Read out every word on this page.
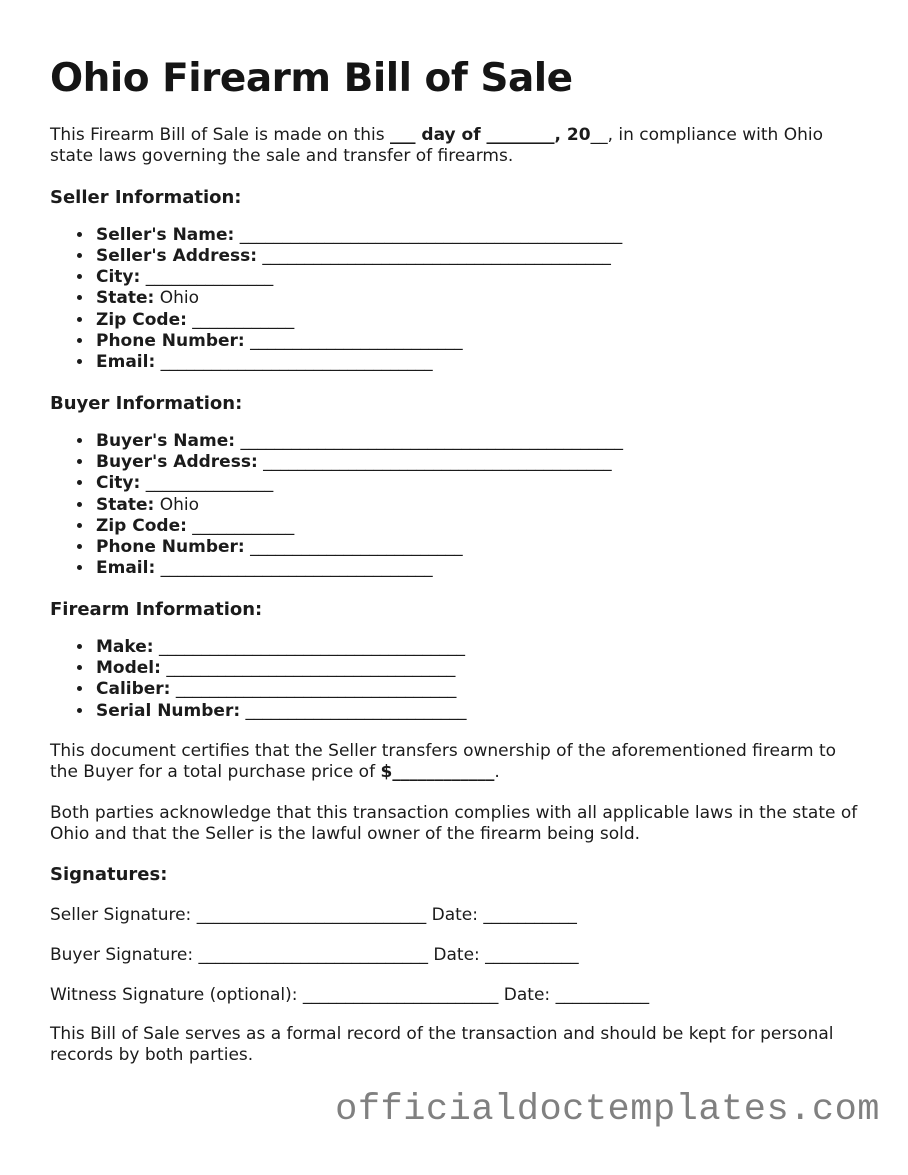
Ohio Firearm Bill of Sale

This Firearm Bill of Sale is made on this ___ day of ________, 20__, in compliance with Ohio state laws governing the sale and transfer of firearms.

Seller Information:
• Seller's Name: _____________________________________________
• Seller's Address: _________________________________________
• City: _______________
• State: Ohio
• Zip Code: ____________
• Phone Number: _________________________
• Email: ________________________________
Buyer Information:
• Buyer's Name: _____________________________________________
• Buyer's Address: _________________________________________
• City: _______________
• State: Ohio
• Zip Code: ____________
• Phone Number: _________________________
• Email: ________________________________
Firearm Information:
• Make: ____________________________________
• Model: __________________________________
• Caliber: _________________________________
• Serial Number: __________________________

This document certifies that the Seller transfers ownership of the aforementioned firearm to the Buyer for a total purchase price of $____________.

Both parties acknowledge that this transaction complies with all applicable laws in the state of Ohio and that the Seller is the lawful owner of the firearm being sold.

Signatures:

Seller Signature: ___________________________ Date: ___________

Buyer Signature: ___________________________ Date: ___________

Witness Signature (optional): _______________________ Date: ___________

This Bill of Sale serves as a formal record of the transaction and should be kept for personal records by both parties.

officialdoctemplates.com
